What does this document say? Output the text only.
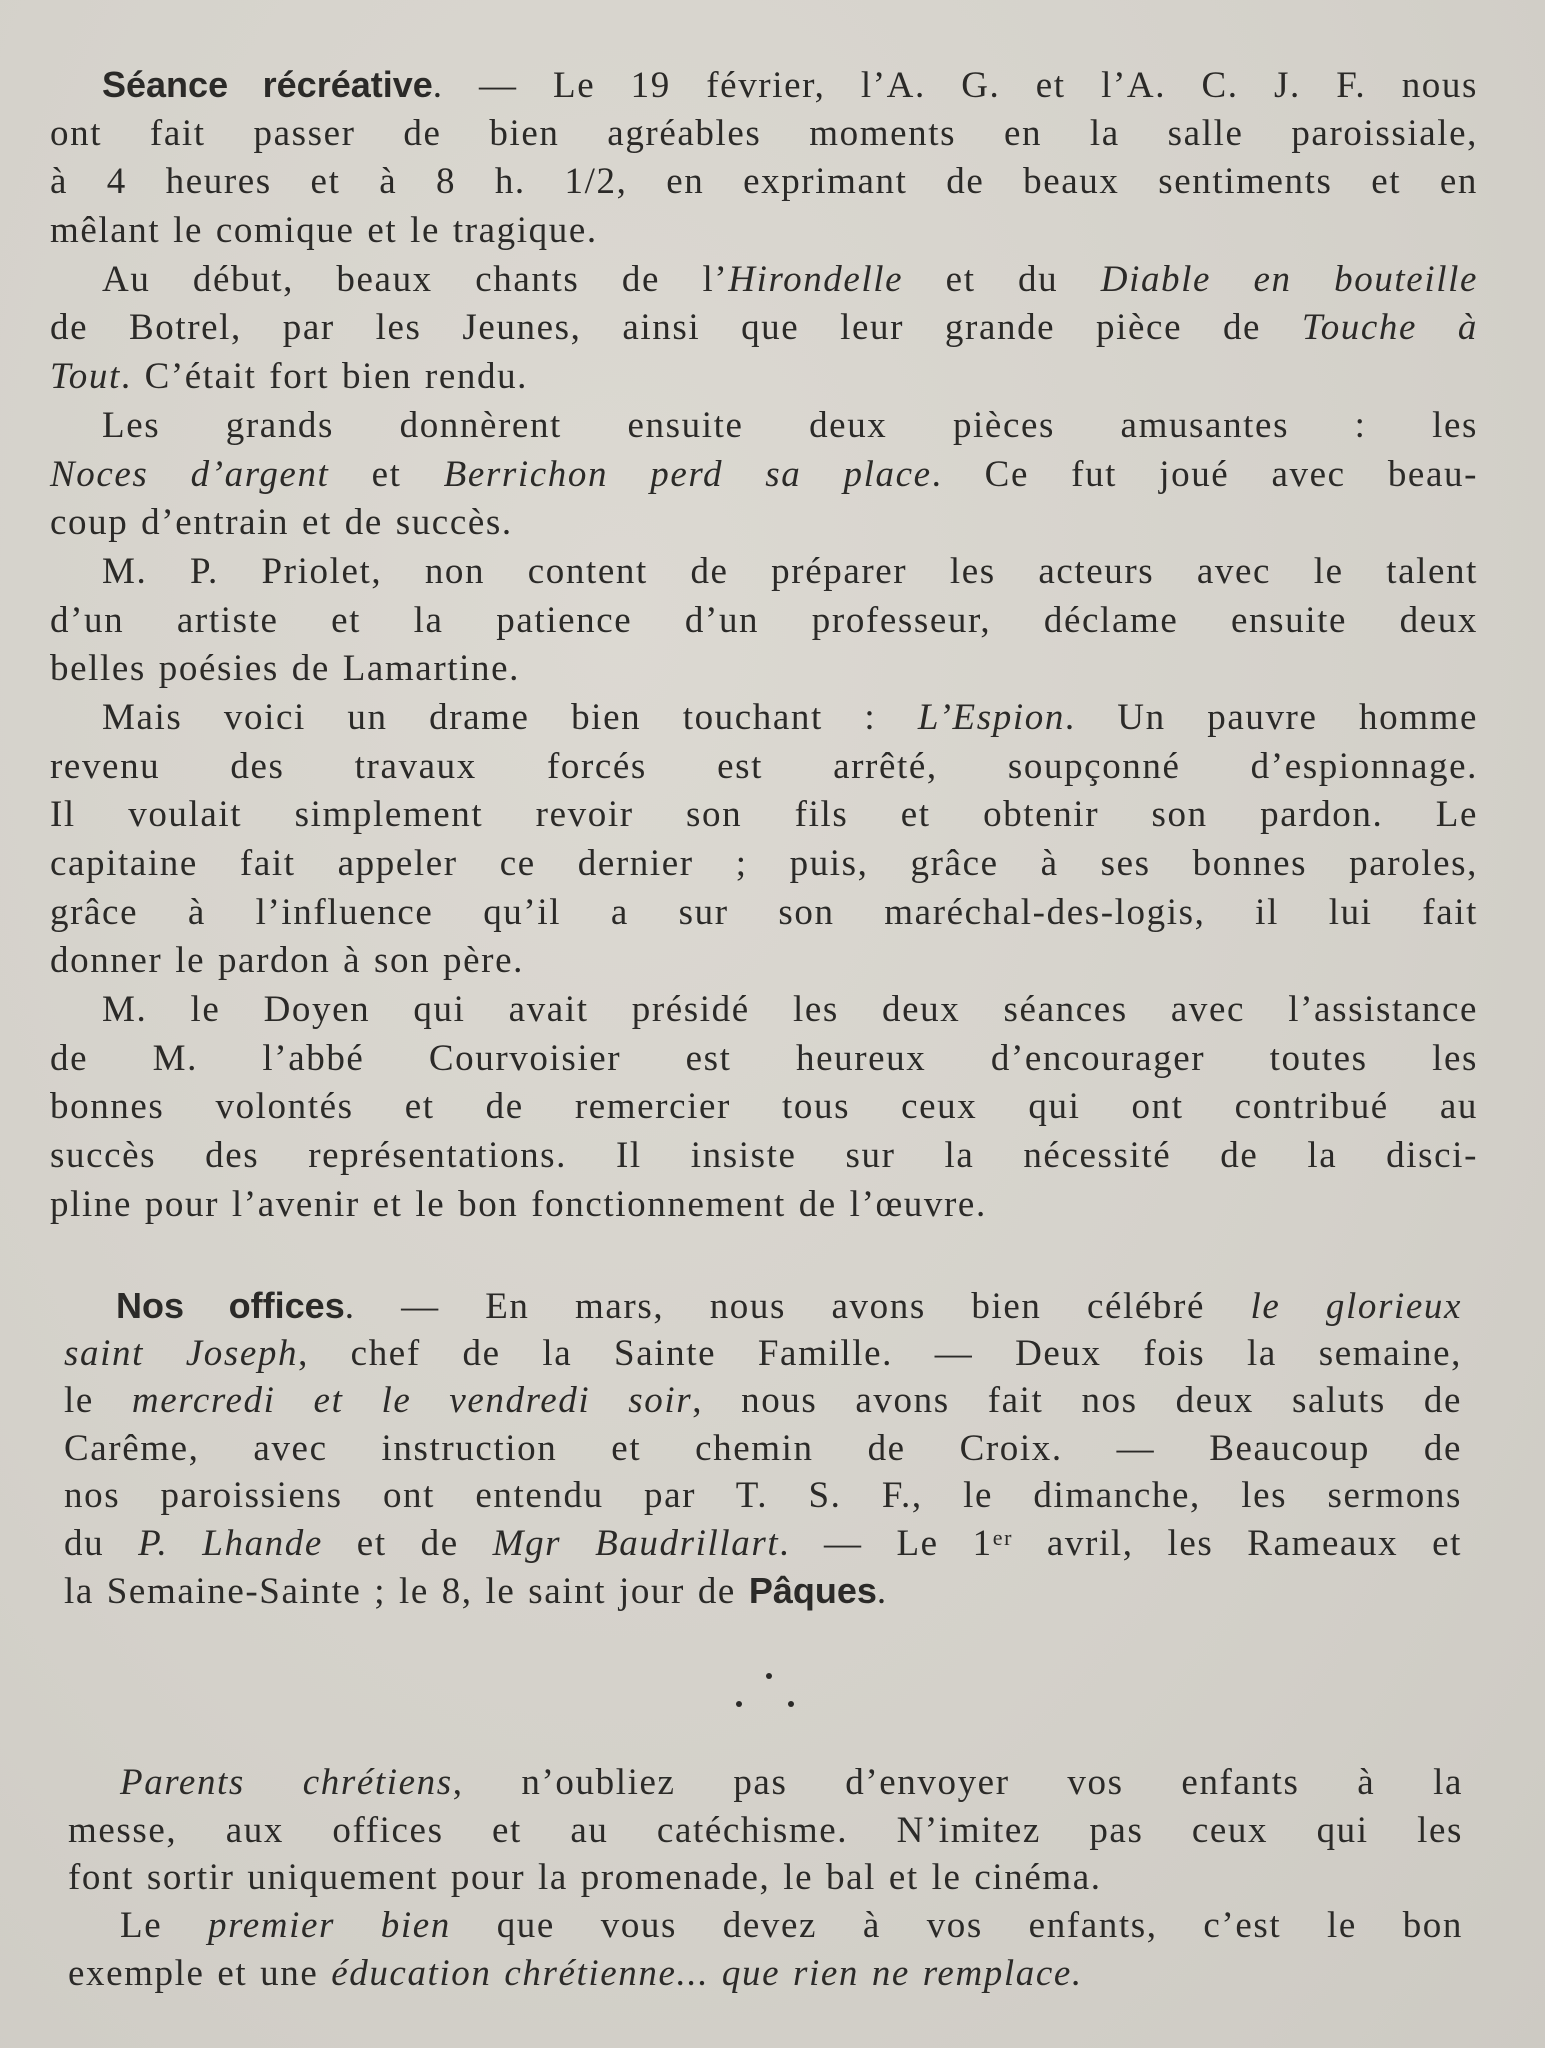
Séance récréative. — Le 19 février, l’A. G. et l’A. C. J. F. nous
ont fait passer de bien agréables moments en la salle paroissiale,
à 4 heures et à 8 h. 1/2, en exprimant de beaux sentiments et en
mêlant le comique et le tragique.
Au début, beaux chants de l’Hirondelle et du Diable en bouteille
de Botrel, par les Jeunes, ainsi que leur grande pièce de Touche à
Tout. C’était fort bien rendu.
Les grands donnèrent ensuite deux pièces amusantes : les
Noces d’argent et Berrichon perd sa place. Ce fut joué avec beau-
coup d’entrain et de succès.
M. P. Priolet, non content de préparer les acteurs avec le talent
d’un artiste et la patience d’un professeur, déclame ensuite deux
belles poésies de Lamartine.
Mais voici un drame bien touchant : L’Espion. Un pauvre homme
revenu des travaux forcés est arrêté, soupçonné d’espionnage.
Il voulait simplement revoir son fils et obtenir son pardon. Le
capitaine fait appeler ce dernier ; puis, grâce à ses bonnes paroles,
grâce à l’influence qu’il a sur son maréchal-des-logis, il lui fait
donner le pardon à son père.
M. le Doyen qui avait présidé les deux séances avec l’assistance
de M. l’abbé Courvoisier est heureux d’encourager toutes les
bonnes volontés et de remercier tous ceux qui ont contribué au
succès des représentations. Il insiste sur la nécessité de la disci-
pline pour l’avenir et le bon fonctionnement de l’œuvre.
Nos offices. — En mars, nous avons bien célébré le glorieux
saint Joseph, chef de la Sainte Famille. — Deux fois la semaine,
le mercredi et le vendredi soir, nous avons fait nos deux saluts de
Carême, avec instruction et chemin de Croix. — Beaucoup de
nos paroissiens ont entendu par T. S. F., le dimanche, les sermons
du P. Lhande et de Mgr Baudrillart. — Le 1er avril, les Rameaux et
la Semaine-Sainte ; le 8, le saint jour de Pâques.
Parents chrétiens, n’oubliez pas d’envoyer vos enfants à la
messe, aux offices et au catéchisme. N’imitez pas ceux qui les
font sortir uniquement pour la promenade, le bal et le cinéma.
Le premier bien que vous devez à vos enfants, c’est le bon
exemple et une éducation chrétienne... que rien ne remplace.
